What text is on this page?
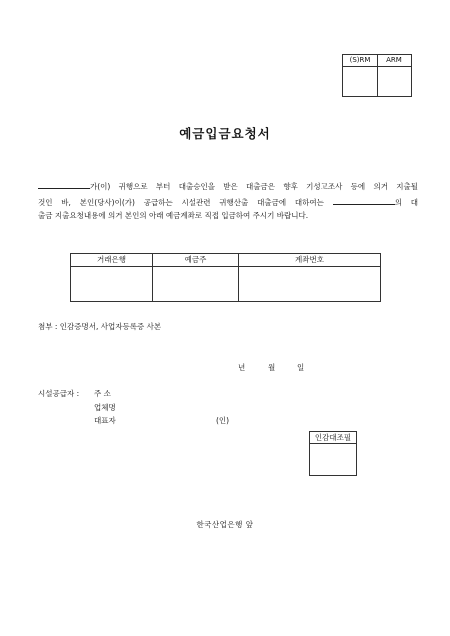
(S)RM	ARM
예금입금요청서
가(이) 귀행으로 부터 대출승인을 받은 대출금은 향후 기성고조사 등에 의거 지출될
것인 바, 본인(당사)이(가) 공급하는 시설관련 귀행산출 대출금에 대하여는	의 대
출금 지출요청내용에 의거 본인의 아래 예금계좌로 직접 입금하여 주시기 바랍니다.
거래은행	예금주	계좌번호
첨부 : 인감증명서, 사업자등록증 사본
년	월	일
시설공급자 : 주 소
업체명
대표자	(인)
인감대조필
한국산업은행 앞
